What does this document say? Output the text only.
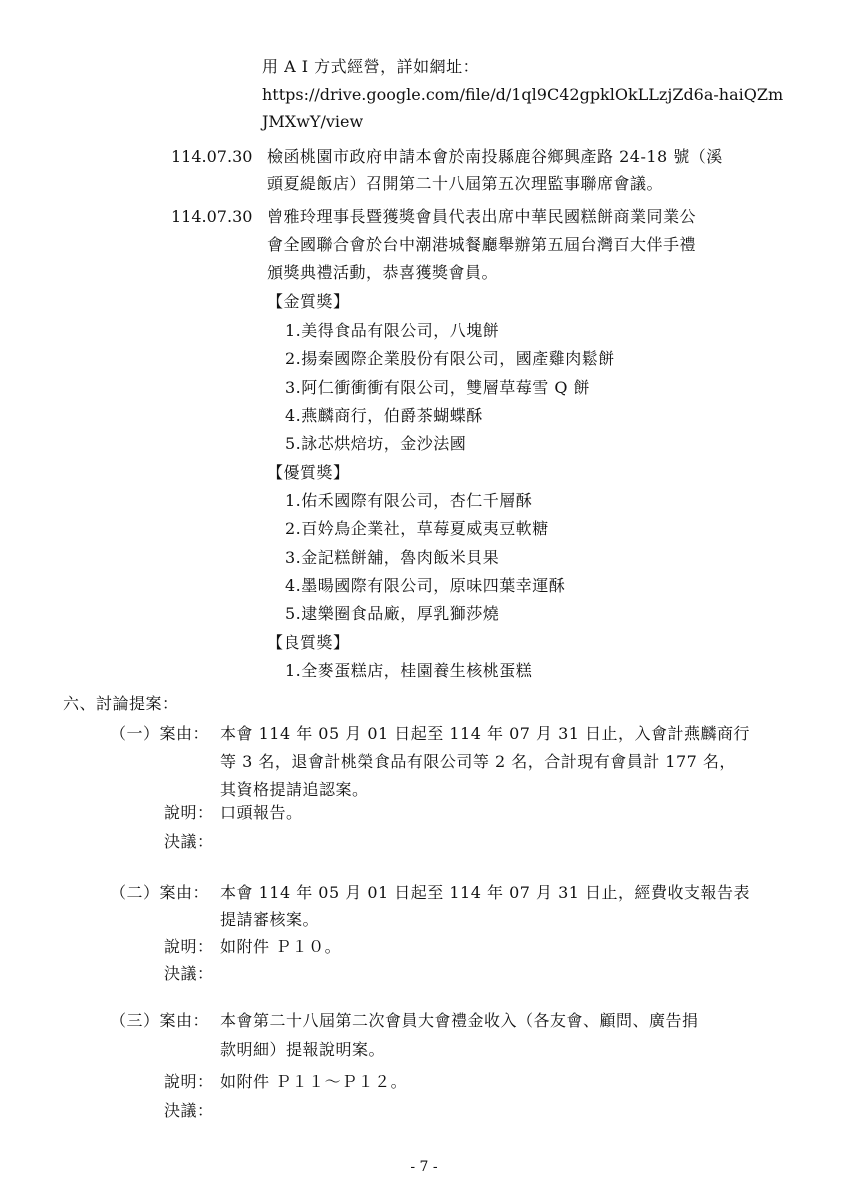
用 A I 方式經營，詳如網址：
https://drive.google.com/file/d/1ql9C42gpklOkLLzjZd6a-haiQZm
JMXwY/view
114.07.30 檢函桃園市政府申請本會於南投縣鹿谷鄉興產路 24-18 號（溪
頭夏緹飯店）召開第二十八屆第五次理監事聯席會議。
114.07.30 曾雅玲理事長暨獲獎會員代表出席中華民國糕餅商業同業公
會全國聯合會於台中潮港城餐廳舉辦第五屆台灣百大伴手禮
頒獎典禮活動，恭喜獲獎會員。
【金質獎】
1.美得食品有限公司，八塊餅
2.揚秦國際企業股份有限公司，國產雞肉鬆餅
3.阿仁衝衝衝有限公司，雙層草莓雪 Q 餅
4.燕麟商行，伯爵茶蝴蝶酥
5.詠芯烘焙坊，金沙法國
【優質獎】
1.佑禾國際有限公司，杏仁千層酥
2.百妗鳥企業社，草莓夏威夷豆軟糖
3.金記糕餅舖，魯肉飯米貝果
4.墨暘國際有限公司，原味四葉幸運酥
5.逮樂圈食品廠，厚乳獅莎燒
【良質獎】
1.全麥蛋糕店，桂園養生核桃蛋糕
六、討論提案：
（一）案由： 本會 114 年 05 月 01 日起至 114 年 07 月 31 日止，入會計燕麟商行
等 3 名，退會計桃榮食品有限公司等 2 名，合計現有會員計 177 名，
其資格提請追認案。
說明： 口頭報告。
決議：
（二）案由： 本會 114 年 05 月 01 日起至 114 年 07 月 31 日止，經費收支報告表
提請審核案。
說明： 如附件 Ｐ１０。
決議：
（三）案由： 本會第二十八屆第二次會員大會禮金收入（各友會、顧問、廣告捐
款明細）提報說明案。
說明： 如附件 Ｐ１１～Ｐ１２。
決議：
- 7 -
